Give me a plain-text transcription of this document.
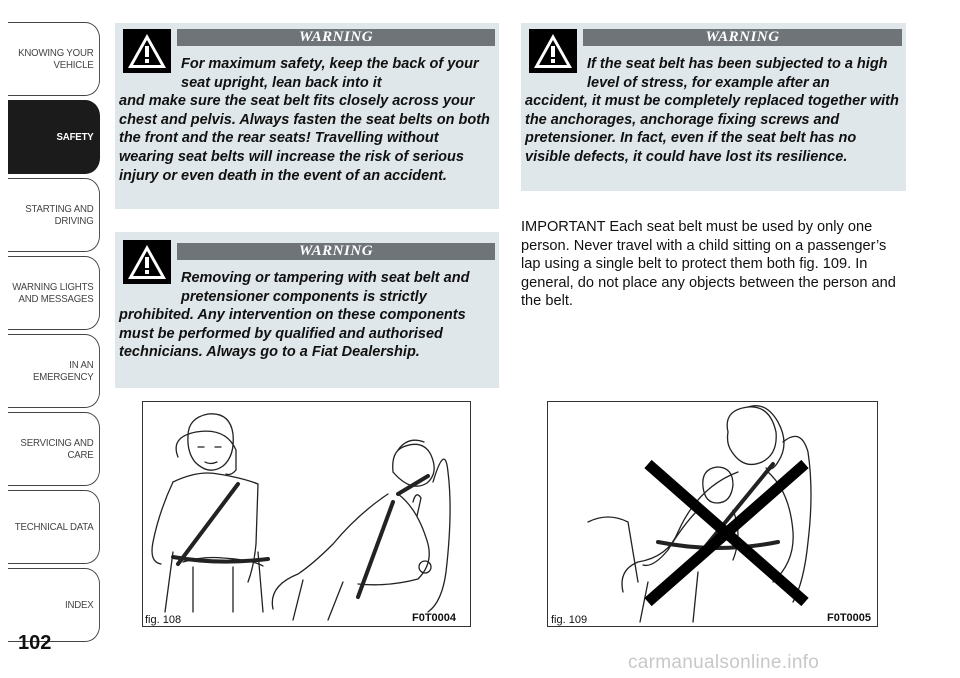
KNOWING YOUR VEHICLE
SAFETY
STARTING AND DRIVING
WARNING LIGHTS AND MESSAGES
IN AN EMERGENCY
SERVICING AND CARE
TECHNICAL DATA
INDEX
102
WARNING
For maximum safety, keep the back of your seat upright, lean back into it
and make sure the seat belt fits closely across your chest and pelvis. Always fasten the seat belts on both the front and the rear seats! Travelling without wearing seat belts will increase the risk of serious injury or even death in the event of an accident.
WARNING
Removing or tampering with seat belt and pretensioner components is strictly
prohibited. Any intervention on these components must be performed by qualified and authorised technicians. Always go to a Fiat Dealership.
WARNING
If the seat belt has been subjected to a high level of stress, for example after an
accident, it must be completely replaced together with the anchorages, anchorage fixing screws and pretensioner. In fact, even if the seat belt has no visible defects, it could have lost its resilience.

IMPORTANT Each seat belt must be used by only one person. Never travel with a child sitting on a passenger’s lap using a single belt to protect them both fig. 109. In general, do not place any objects between the person and the belt.

fig. 108	F0T0004	fig. 109	F0T0005
carmanualsonline.info
